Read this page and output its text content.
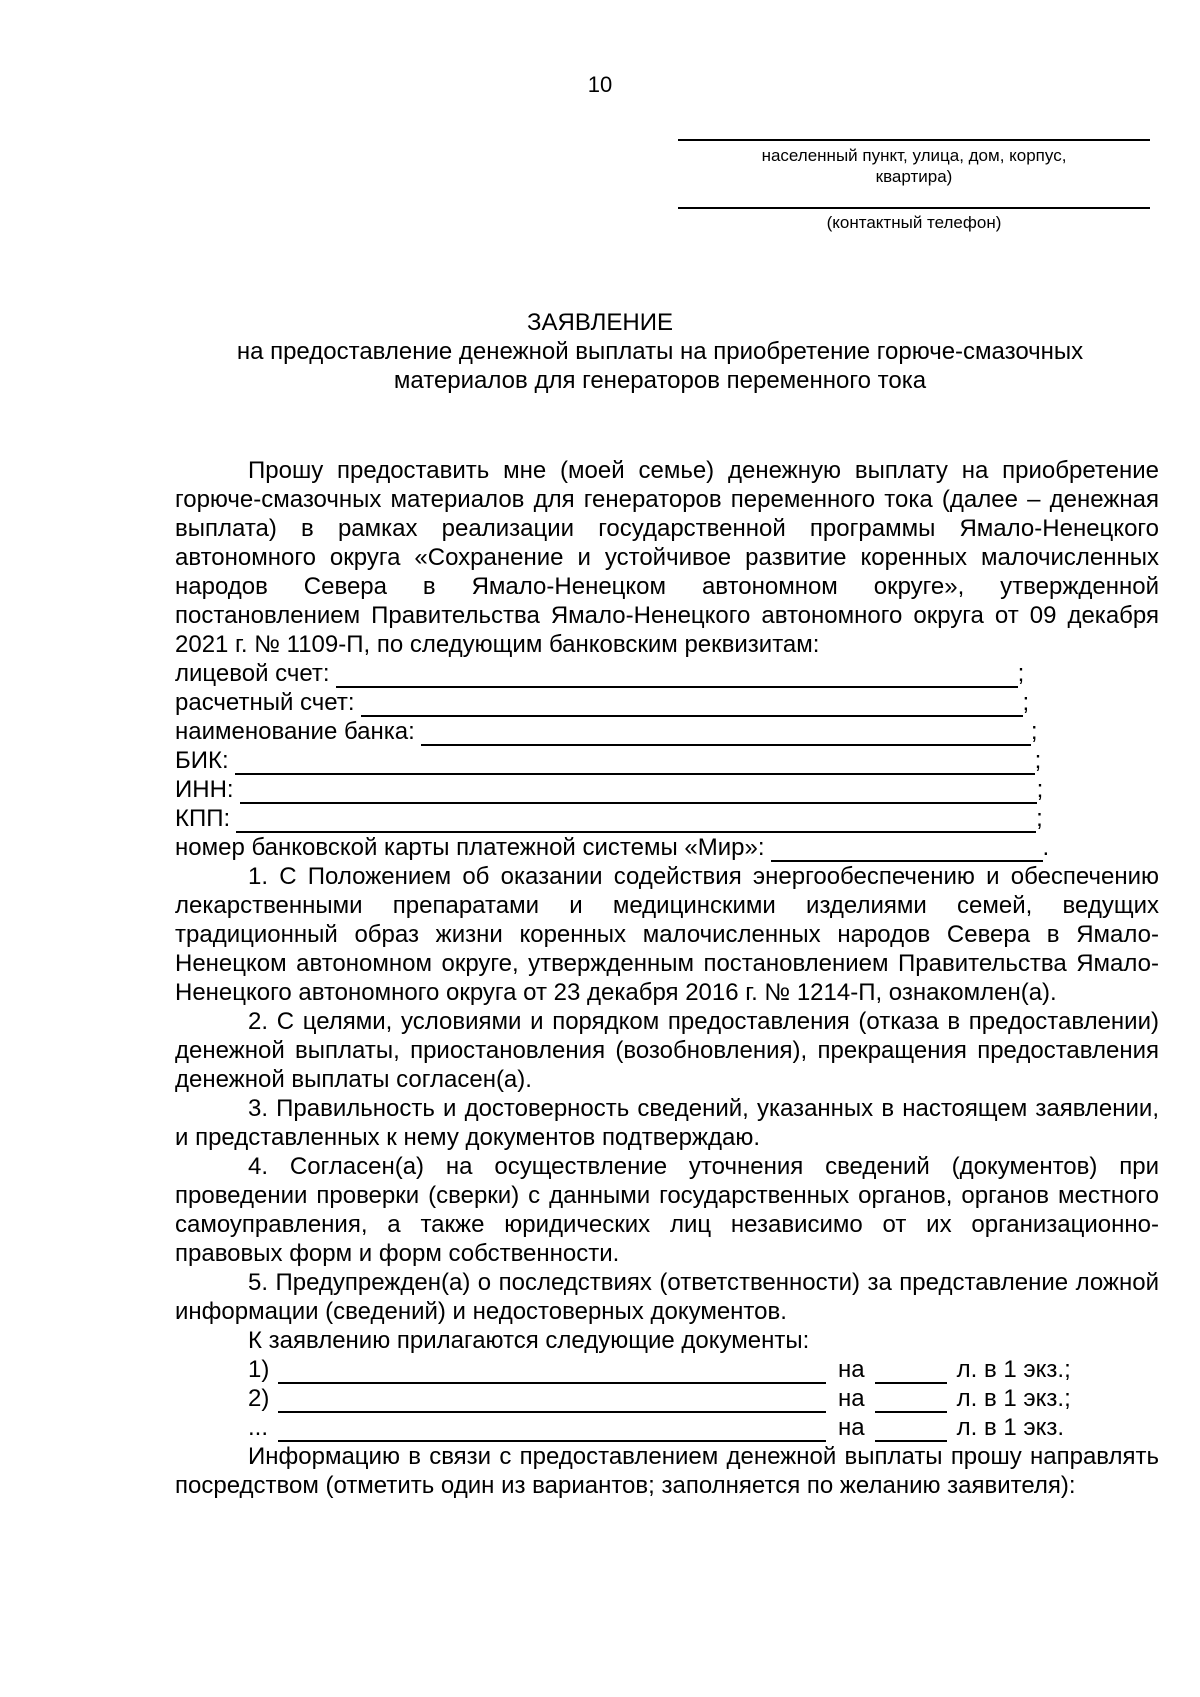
10
населенный пункт, улица, дом, корпус,
квартира)
(контактный телефон)
ЗАЯВЛЕНИЕ
на предоставление денежной выплаты на приобретение горюче-смазочных
материалов для генераторов переменного тока

Прошу предоставить мне (моей семье) денежную выплату на приобретение горюче-смазочных материалов для генераторов переменного тока (далее – денежная выплата) в рамках реализации государственной программы Ямало-Ненецкого автономного округа «Сохранение и устойчивое развитие коренных малочисленных народов Севера в Ямало-Ненецком автономном округе», утвержденной постановлением Правительства Ямало-Ненецкого автономного округа от 09 декабря 2021 г. № 1109-П, по следующим банковским реквизитам:

лицевой счет:	;
расчетный счет:	;
наименование банка:	;
БИК:	;
ИНН:	;
КПП:	;
номер банковской карты платежной системы «Мир»:	.

1. С Положением об оказании содействия энергообеспечению и обеспечению лекарственными препаратами и медицинскими изделиями семей, ведущих традиционный образ жизни коренных малочисленных народов Севера в Ямало-Ненецком автономном округе, утвержденным постановлением Правительства Ямало-Ненецкого автономного округа от 23 декабря 2016 г. № 1214-П, ознакомлен(а).

2. С целями, условиями и порядком предоставления (отказа в предоставлении) денежной выплаты, приостановления (возобновления), прекращения предоставления денежной выплаты согласен(а).

3. Правильность и достоверность сведений, указанных в настоящем заявлении, и представленных к нему документов подтверждаю.

4. Согласен(а) на осуществление уточнения сведений (документов) при проведении проверки (сверки) с данными государственных органов, органов местного самоуправления, а также юридических лиц независимо от их организационно-правовых форм и форм собственности.

5. Предупрежден(а) о последствиях (ответственности) за представление ложной информации (сведений) и недостоверных документов.

К заявлению прилагаются следующие документы:

1)	на	л. в 1 экз.;
2)	на	л. в 1 экз.;
...	на	л. в 1 экз.

Информацию в связи с предоставлением денежной выплаты прошу направлять посредством (отметить один из вариантов; заполняется по желанию заявителя):
